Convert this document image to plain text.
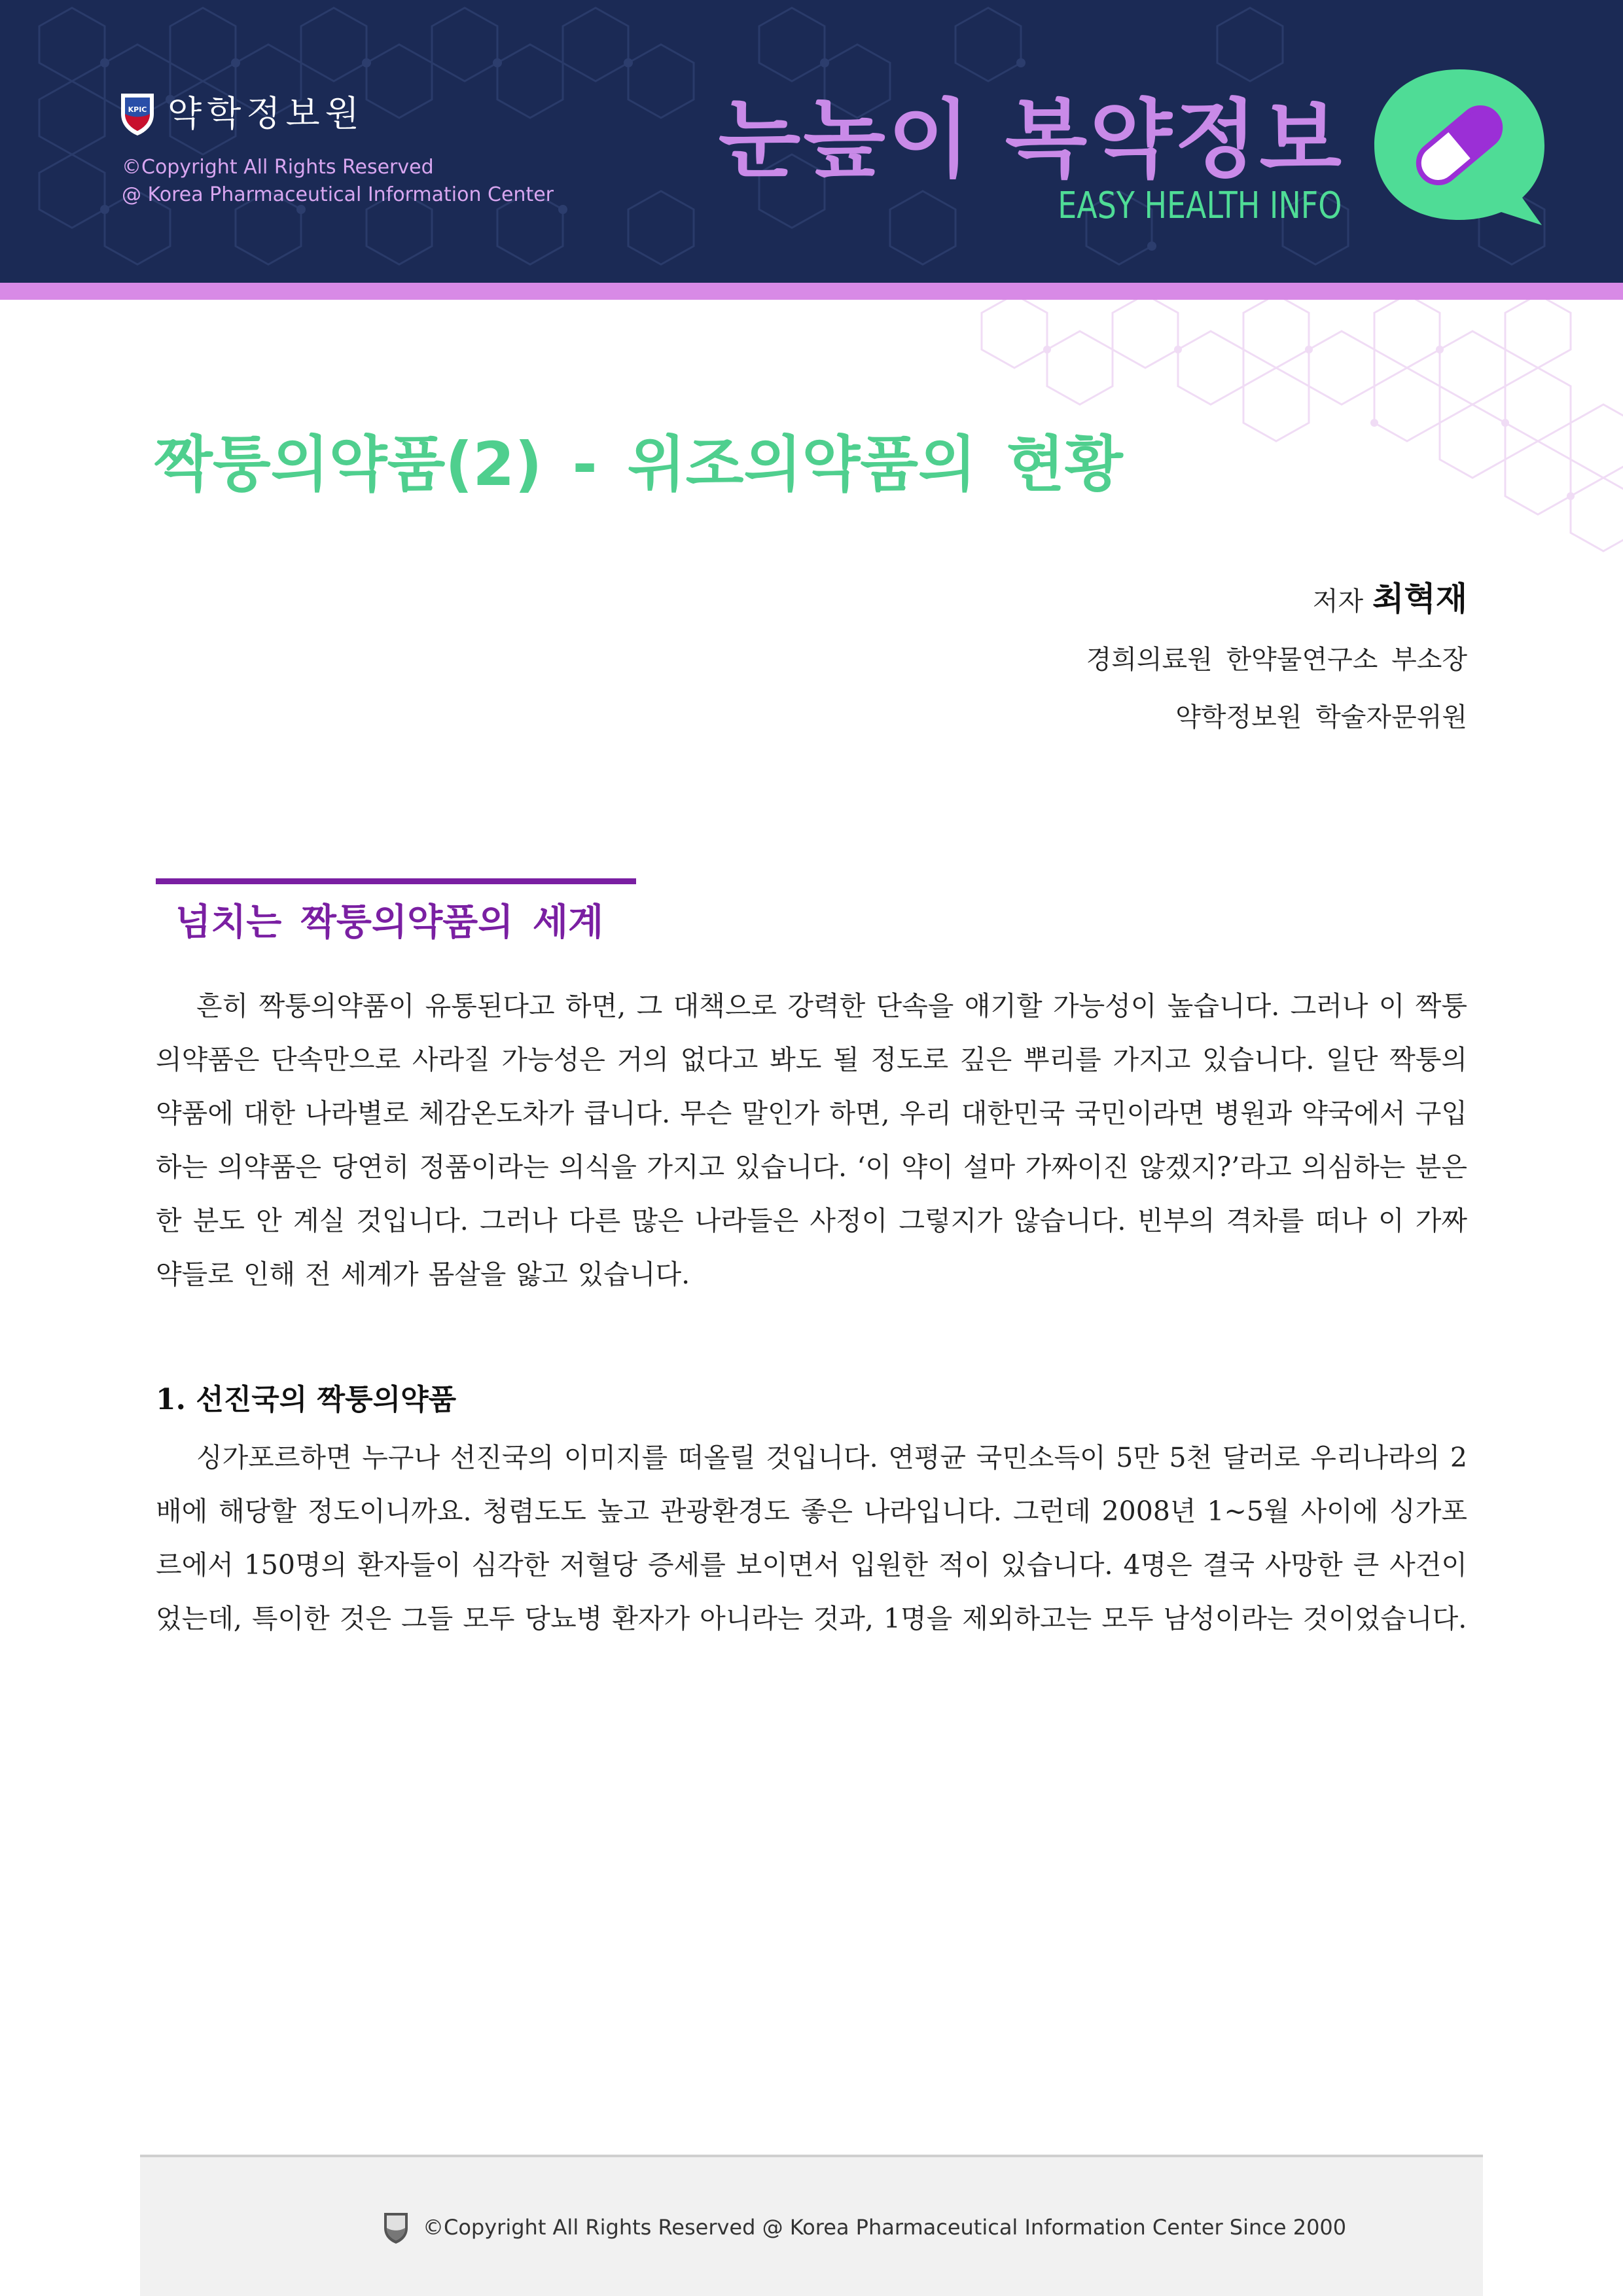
KPIC 약학정보원
©Copyright All Rights Reserved
@ Korea Pharmaceutical Information Center
눈높이 복약정보
EASY HEALTH INFO
짝퉁의약품(2) - 위조의약품의 현황
저자 최혁재
경희의료원 한약물연구소 부소장
약학정보원 학술자문위원
넘치는 짝퉁의약품의 세계

흔히 짝퉁의약품이 유통된다고 하면, 그 대책으로 강력한 단속을 얘기할 가능성이 높습니다. 그러나 이 짝퉁의약품은 단속만으로 사라질 가능성은 거의 없다고 봐도 될 정도로 깊은 뿌리를 가지고 있습니다. 일단 짝퉁의약품에 대한 나라별로 체감온도차가 큽니다. 무슨 말인가 하면, 우리 대한민국 국민이라면 병원과 약국에서 구입하는 의약품은 당연히 정품이라는 의식을 가지고 있습니다. ‘이 약이 설마 가짜이진 않겠지?’라고 의심하는 분은 한 분도 안 계실 것입니다. 그러나 다른 많은 나라들은 사정이 그렇지가 않습니다. 빈부의 격차를 떠나 이 가짜 약들로 인해 전 세계가 몸살을 앓고 있습니다.

1. 선진국의 짝퉁의약품

싱가포르하면 누구나 선진국의 이미지를 떠올릴 것입니다. 연평균 국민소득이 5만 5천 달러로 우리나라의 2배에 해당할 정도이니까요. 청렴도도 높고 관광환경도 좋은 나라입니다. 그런데 2008년 1~5월 사이에 싱가포르에서 150명의 환자들이 심각한 저혈당 증세를 보이면서 입원한 적이 있습니다. 4명은 결국 사망한 큰 사건이었는데, 특이한 것은 그들 모두 당뇨병 환자가 아니라는 것과, 1명을 제외하고는 모두 남성이라는 것이었습니다.

©Copyright All Rights Reserved @ Korea Pharmaceutical Information Center Since 2000
